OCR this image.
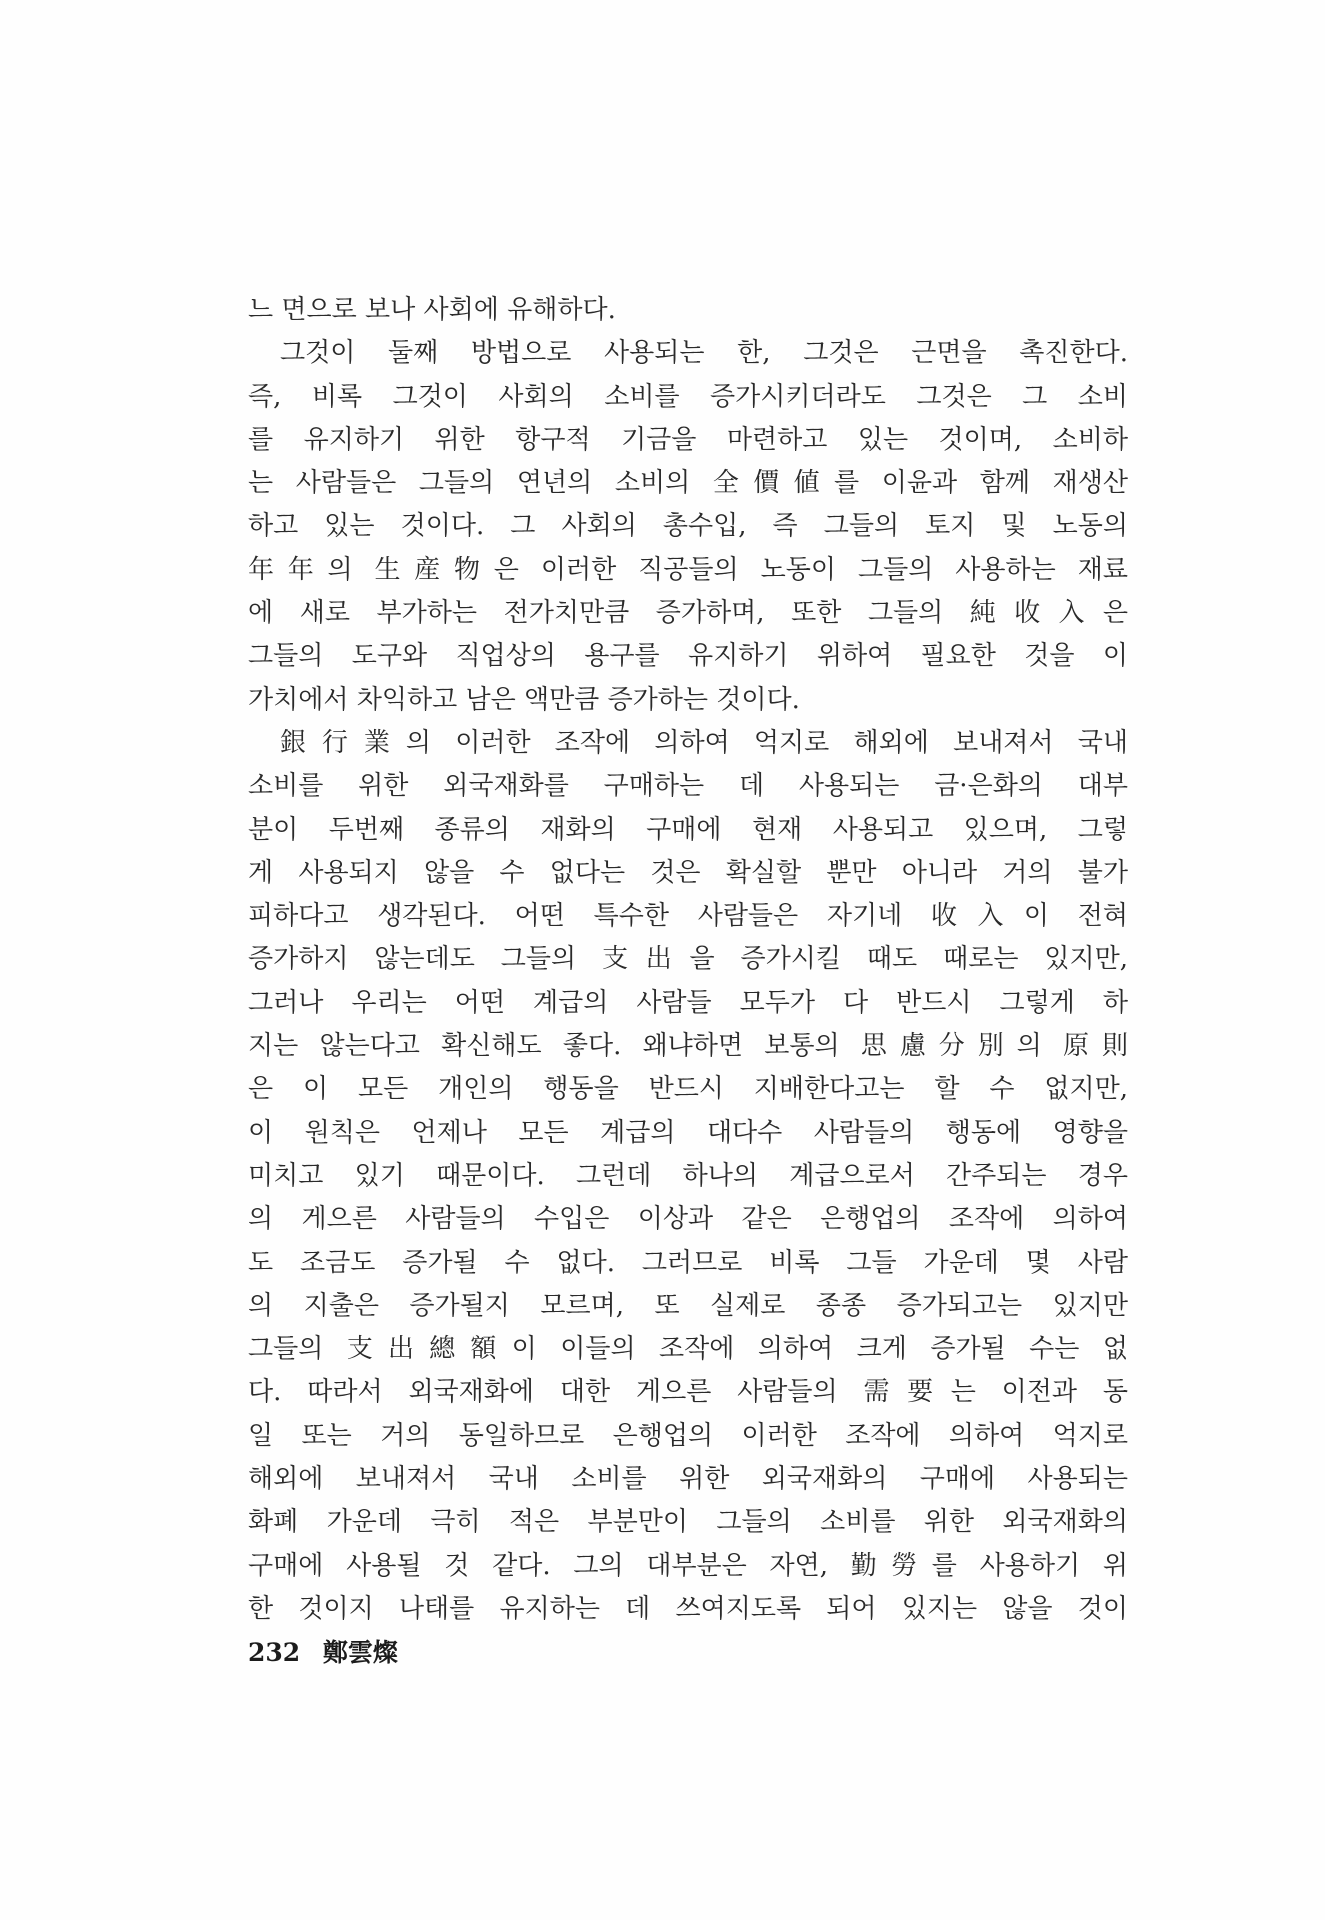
느 면으로 보나 사회에 유해하다.
그것이 둘째 방법으로 사용되는 한, 그것은 근면을 촉진한다.
즉, 비록 그것이 사회의 소비를 증가시키더라도 그것은 그 소비
를 유지하기 위한 항구적 기금을 마련하고 있는 것이며, 소비하
는 사람들은 그들의 연년의 소비의 全價値를 이윤과 함께 재생산
하고 있는 것이다. 그 사회의 총수입, 즉 그들의 토지 및 노동의
年年의 生産物은 이러한 직공들의 노동이 그들의 사용하는 재료
에 새로 부가하는 전가치만큼 증가하며, 또한 그들의 純收入은
그들의 도구와 직업상의 용구를 유지하기 위하여 필요한 것을 이
가치에서 차익하고 남은 액만큼 증가하는 것이다.
銀行業의 이러한 조작에 의하여 억지로 해외에 보내져서 국내
소비를 위한 외국재화를 구매하는 데 사용되는 금·은화의 대부
분이 두번째 종류의 재화의 구매에 현재 사용되고 있으며, 그렇
게 사용되지 않을 수 없다는 것은 확실할 뿐만 아니라 거의 불가
피하다고 생각된다. 어떤 특수한 사람들은 자기네 收入이 전혀
증가하지 않는데도 그들의 支出을 증가시킬 때도 때로는 있지만,
그러나 우리는 어떤 계급의 사람들 모두가 다 반드시 그렇게 하
지는 않는다고 확신해도 좋다. 왜냐하면 보통의 思慮分別의 原則
은 이 모든 개인의 행동을 반드시 지배한다고는 할 수 없지만,
이 원칙은 언제나 모든 계급의 대다수 사람들의 행동에 영향을
미치고 있기 때문이다. 그런데 하나의 계급으로서 간주되는 경우
의 게으른 사람들의 수입은 이상과 같은 은행업의 조작에 의하여
도 조금도 증가될 수 없다. 그러므로 비록 그들 가운데 몇 사람
의 지출은 증가될지 모르며, 또 실제로 종종 증가되고는 있지만
그들의 支出總額이 이들의 조작에 의하여 크게 증가될 수는 없
다. 따라서 외국재화에 대한 게으른 사람들의 需要는 이전과 동
일 또는 거의 동일하므로 은행업의 이러한 조작에 의하여 억지로
해외에 보내져서 국내 소비를 위한 외국재화의 구매에 사용되는
화폐 가운데 극히 적은 부분만이 그들의 소비를 위한 외국재화의
구매에 사용될 것 같다. 그의 대부분은 자연, 勤勞를 사용하기 위
한 것이지 나태를 유지하는 데 쓰여지도록 되어 있지는 않을 것이
232 鄭雲燦
